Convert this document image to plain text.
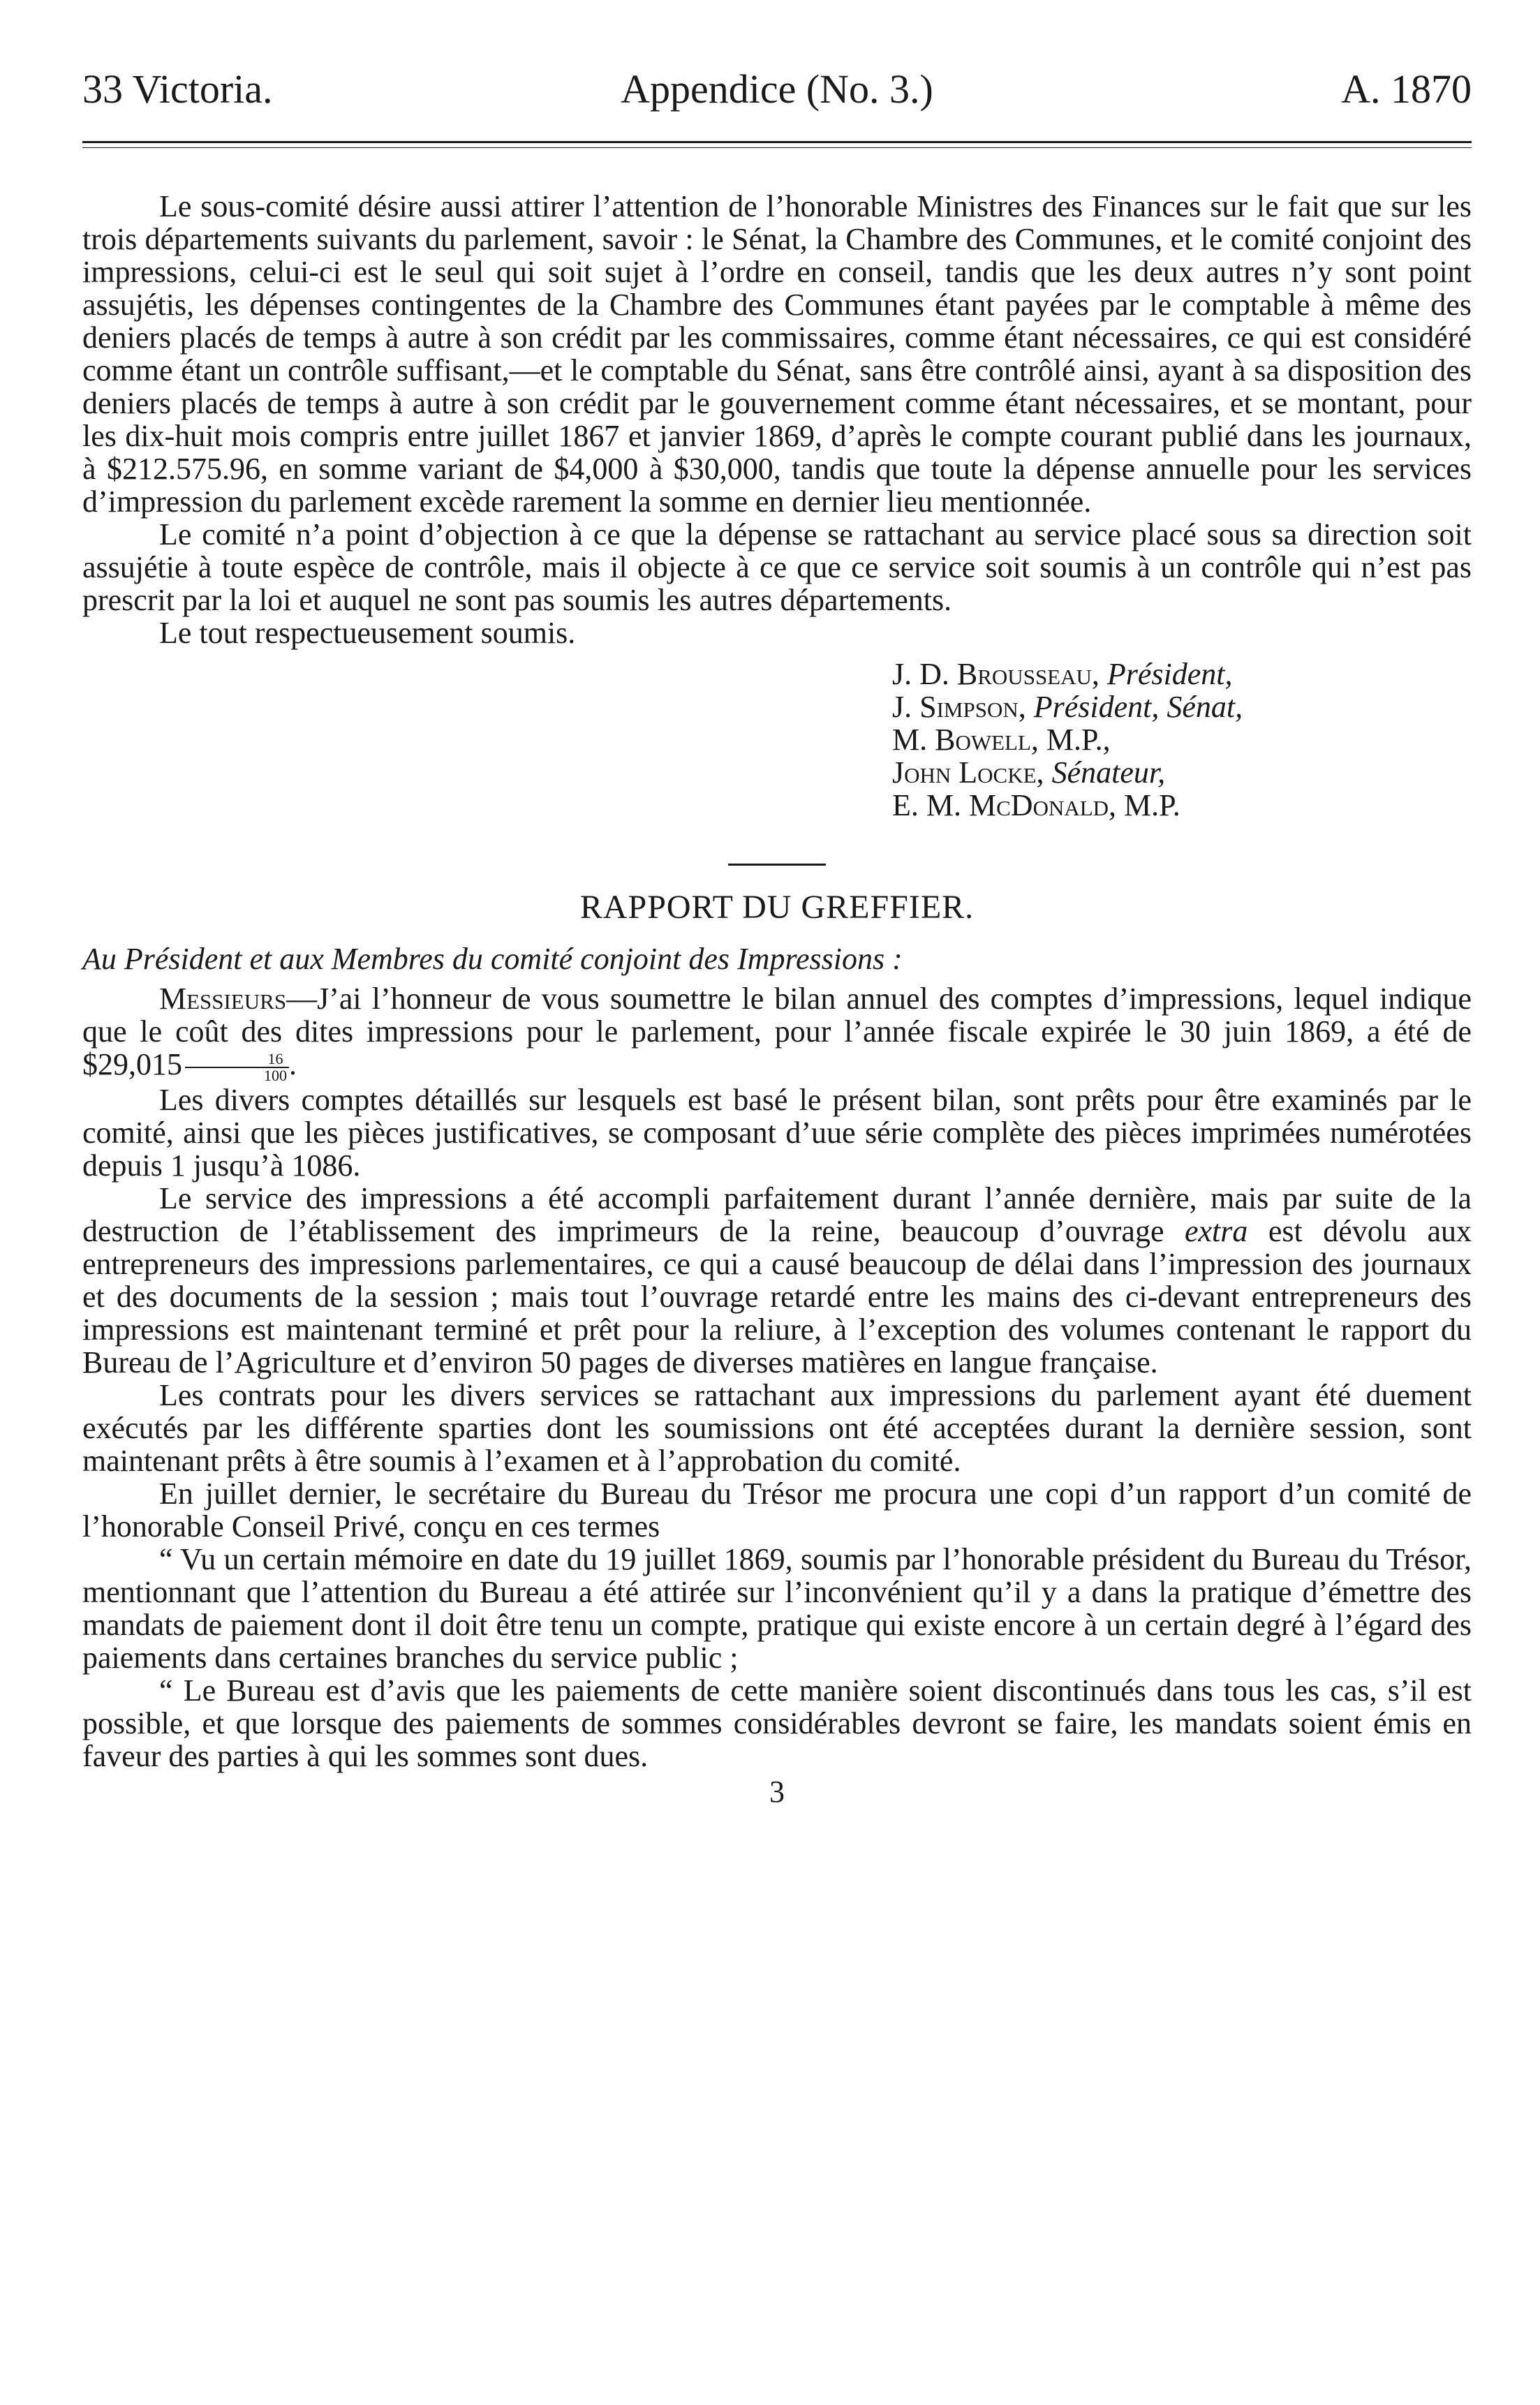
33 Victoria.	Appendice (No. 3.)	A. 1870

Le sous-comité désire aussi attirer l’attention de l’honorable Ministres des Finances sur le fait que sur les trois départements suivants du parlement, savoir : le Sénat, la Chambre des Communes, et le comité conjoint des impressions, celui-ci est le seul qui soit sujet à l’ordre en conseil, tandis que les deux autres n’y sont point assujétis, les dépenses contingentes de la Chambre des Communes étant payées par le comptable à même des deniers placés de temps à autre à son crédit par les commissaires, comme étant nécessaires, ce qui est considéré comme étant un contrôle suffisant,—et le comptable du Sénat, sans être contrôlé ainsi, ayant à sa disposition des deniers placés de temps à autre à son crédit par le gouvernement comme étant nécessaires, et se montant, pour les dix-huit mois compris entre juillet 1867 et janvier 1869, d’après le compte courant publié dans les journaux, à $212.575.96, en somme variant de $4,000 à $30,000, tandis que toute la dépense annuelle pour les services d’impression du parlement excède rarement la somme en dernier lieu mentionnée.

Le comité n’a point d’objection à ce que la dépense se rattachant au service placé sous sa direction soit assujétie à toute espèce de contrôle, mais il objecte à ce que ce service soit soumis à un contrôle qui n’est pas prescrit par la loi et auquel ne sont pas soumis les autres départements.

Le tout respectueusement soumis.

J. D. Brousseau, Président,
J. Simpson, Président, Sénat,
M. Bowell, M.P.,
John Locke, Sénateur,
E. M. McDonald, M.P.
RAPPORT DU GREFFIER.
Au Président et aux Membres du comité conjoint des Impressions :

Messieurs—J’ai l’honneur de vous soumettre le bilan annuel des comptes d’impressions, lequel indique que le coût des dites impressions pour le parlement, pour l’année fiscale expirée le 30 juin 1869, a été de $29,015 $\frac{16}{100}$ .

Les divers comptes détaillés sur lesquels est basé le présent bilan, sont prêts pour être examinés par le comité, ainsi que les pièces justificatives, se composant d’uue série complète des pièces imprimées numérotées depuis 1 jusqu’à 1086.

Le service des impressions a été accompli parfaitement durant l’année dernière, mais par suite de la destruction de l’établissement des imprimeurs de la reine, beaucoup d’ouvrage extra est dévolu aux entrepreneurs des impressions parlementaires, ce qui a causé beaucoup de délai dans l’impression des journaux et des documents de la session ; mais tout l’ouvrage retardé entre les mains des ci-devant entrepreneurs des impressions est maintenant terminé et prêt pour la reliure, à l’exception des volumes contenant le rapport du Bureau de l’Agriculture et d’environ 50 pages de diverses matières en langue française.

Les contrats pour les divers services se rattachant aux impressions du parlement ayant été duement exécutés par les différente sparties dont les soumissions ont été acceptées durant la dernière session, sont maintenant prêts à être soumis à l’examen et à l’approbation du comité.

En juillet dernier, le secrétaire du Bureau du Trésor me procura une copi d’un rapport d’un comité de l’honorable Conseil Privé, conçu en ces termes

“ Vu un certain mémoire en date du 19 juillet 1869, soumis par l’honorable président du Bureau du Trésor, mentionnant que l’attention du Bureau a été attirée sur l’inconvénient qu’il y a dans la pratique d’émettre des mandats de paiement dont il doit être tenu un compte, pratique qui existe encore à un certain degré à l’égard des paiements dans certaines branches du service public ;

“ Le Bureau est d’avis que les paiements de cette manière soient discontinués dans tous les cas, s’il est possible, et que lorsque des paiements de sommes considérables devront se faire, les mandats soient émis en faveur des parties à qui les sommes sont dues.

3
